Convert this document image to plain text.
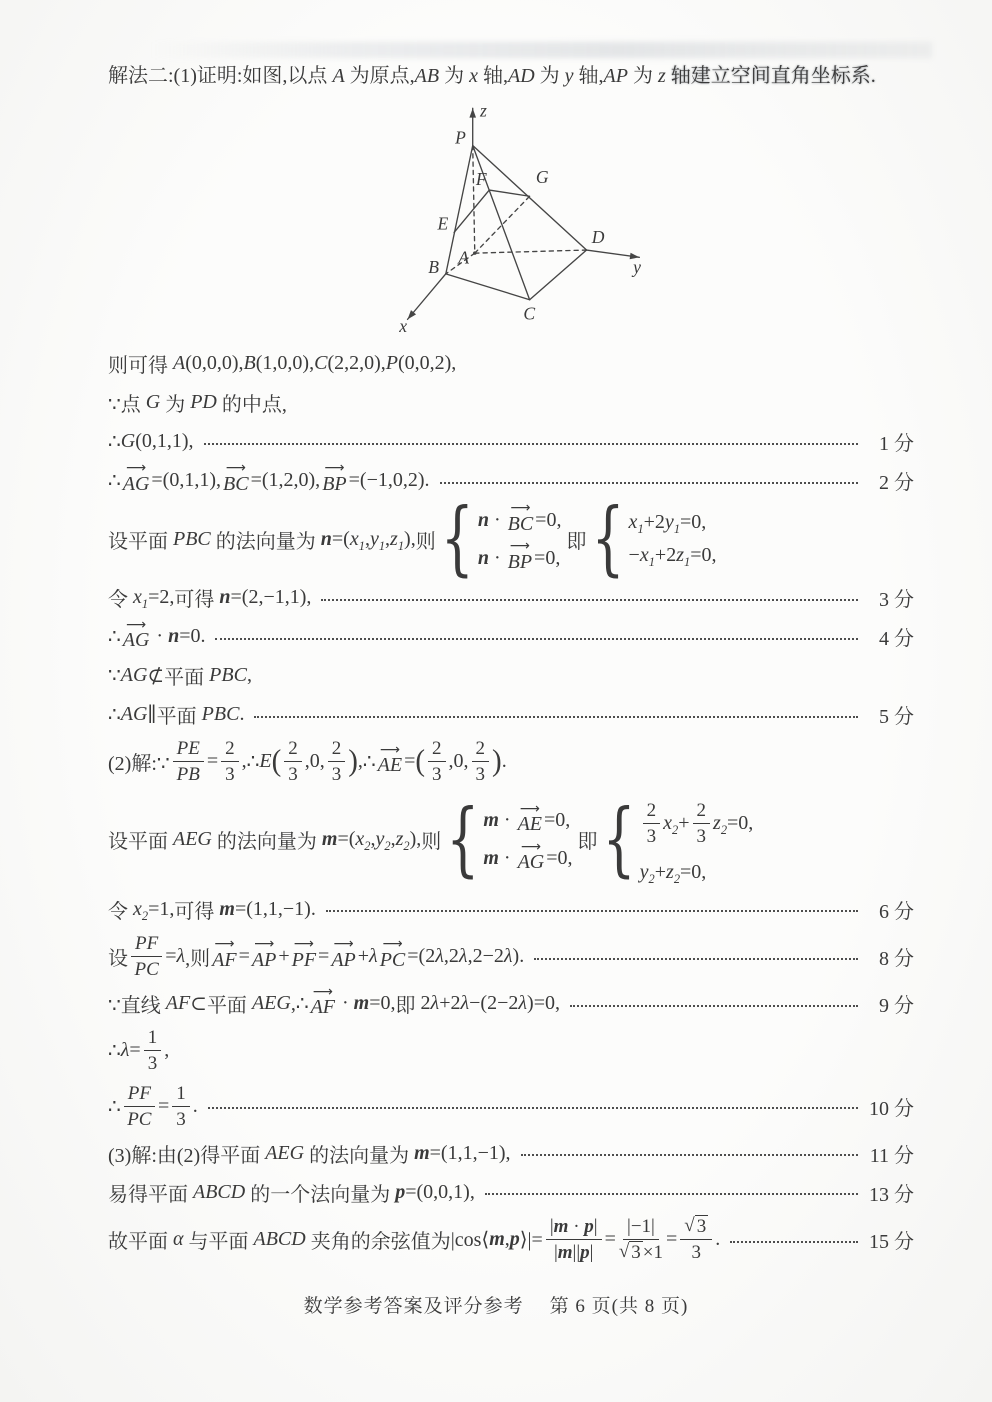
解法二:(1)证明:如图,以点 A 为原点,AB 为 x 轴,AD 为 y 轴,AP 为 z 轴建立空间直角坐标系.

z
P
F	G
E
A
B
D
C
y
x
则可得 A (0,0,0), B (1,0,0), C (2,2,0), P (0,0,2),
∵点 G 为 PD 的中点,
∴ G (0,1,1),	1 分
∴
⟶
AG =(0,1,1),
⟶
BC =(1,2,0),
⟶
BP =(−1,0,2).	2 分
设平面 PBC 的法向量为 n =( $x_1$ , $y_1$ , $z_1$ ), 则 { n ·
⟶
BC =0,
n ·
⟶
BP =0,
即 { $x_1 +2$ $y_1 =0$,
− $x_1 +2$ $z_1 =0$,
令 $x_1 =2$, 可得 n =(2,−1,1),	3 分
∴
⟶
AG · n =0.	4 分
∵ AG ⊄ 平面 PBC ,
∴ AG ∥ 平面 PBC .	5 分
(2)解:∵ $\frac{PE}{PB} = \frac{2}{3}$ , ∴ E ( $\frac{2}{3} ,0$, $\frac{2}{3}$ ) , ∴
⟶
AE = ( $\frac{2}{3} ,0$, $\frac{2}{3}$ ) .
设平面 AEG 的法向量为 m =( $x_2$ , $y_2$ , $z_2$ ), 则 { m ·
⟶
AE =0,
m ·
⟶
AG =0,
即 { $\frac{2}{3} x_2 + \frac{2}{3} z_2 =0$,
$y_2 + z_2 =0$,
令 $x_2 =1$, 可得 m =(1,1,−1).	6 分
设 $\frac{PF}{PC} = \lambda$ ,则
⟶
AF =
⟶
AP +
⟶
PF =
⟶
AP + λ
⟶
PC =(2 λ ,2 λ ,2−2 λ ).	8 分
∵直线 AF ⊂ 平面 AEG ,∴
⟶
AF · m =0, 即 2 λ +2 λ −(2−2 λ )=0,	9 分
∴ $\lambda = \frac{1}{3}$ ,
∴ $\frac{PF}{PC} = \frac{1}{3}$ .	10 分
(3)解:由(2)得平面 AEG 的法向量为 m =(1,1,−1),	11 分
易得平面 ABCD 的一个法向量为 p =(0,0,1),	13 分
故平面 α 与平面 ABCD 夹角的余弦值为 |cos⟨ m , p ⟩|= $\frac{| m \cdot p |}{| m || p |} = \frac{|-1|}{√ 3 \times 1} = \frac{√ 3}{3}$ .	15 分
数学参考答案及评分参考 第 6 页(共 8 页)
